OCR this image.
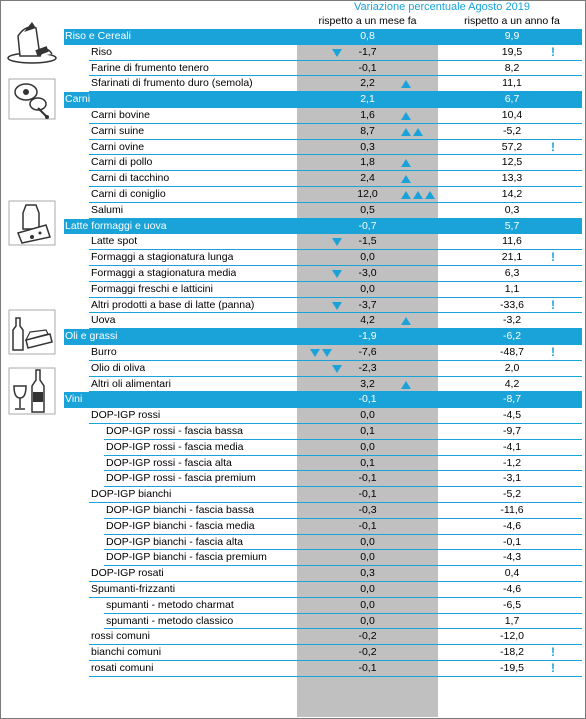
Variazione percentuale Agosto 2019
rispetto a un mese fa	rispetto a un anno fa
Riso e Cereali	0,8	9,9
Riso	-1,7	19,5	!
Farine di frumento tenero	-0,1	8,2
Sfarinati di frumento duro (semola)	2,2	11,1
Carni	2,1	6,7
Carni bovine	1,6	10,4
Carni suine	8,7	-5,2
Carni ovine	0,3	57,2	!
Carni di pollo	1,8	12,5
Carni di tacchino	2,4	13,3
Carni di coniglio	12,0	14,2
Salumi	0,5	0,3
Latte formaggi e uova	-0,7	5,7
Latte spot	-1,5	11,6
Formaggi a stagionatura lunga	0,0	21,1	!
Formaggi a stagionatura media	-3,0	6,3
Formaggi freschi e latticini	0,0	1,1
Altri prodotti a base di latte (panna)	-3,7	-33,6	!
Uova	4,2	-3,2
Oli e grassi	-1,9	-6,2
Burro	-7,6	-48,7	!
Olio di oliva	-2,3	2,0
Altri oli alimentari	3,2	4,2
Vini	-0,1	-8,7
DOP-IGP rossi	0,0	-4,5
DOP-IGP rossi - fascia bassa	0,1	-9,7
DOP-IGP rossi - fascia media	0,0	-4,1
DOP-IGP rossi - fascia alta	0,1	-1,2
DOP-IGP rossi - fascia premium	-0,1	-3,1
DOP-IGP bianchi	-0,1	-5,2
DOP-IGP bianchi - fascia bassa	-0,3	-11,6
DOP-IGP bianchi - fascia media	-0,1	-4,6
DOP-IGP bianchi - fascia alta	0,0	-0,1
DOP-IGP bianchi - fascia premium	0,0	-4,3
DOP-IGP rosati	0,3	0,4
Spumanti-frizzanti	0,0	-4,6
spumanti - metodo charmat	0,0	-6,5
spumanti - metodo classico	0,0	1,7
rossi comuni	-0,2	-12,0
bianchi comuni	-0,2	-18,2	!
rosati comuni	-0,1	-19,5	!
